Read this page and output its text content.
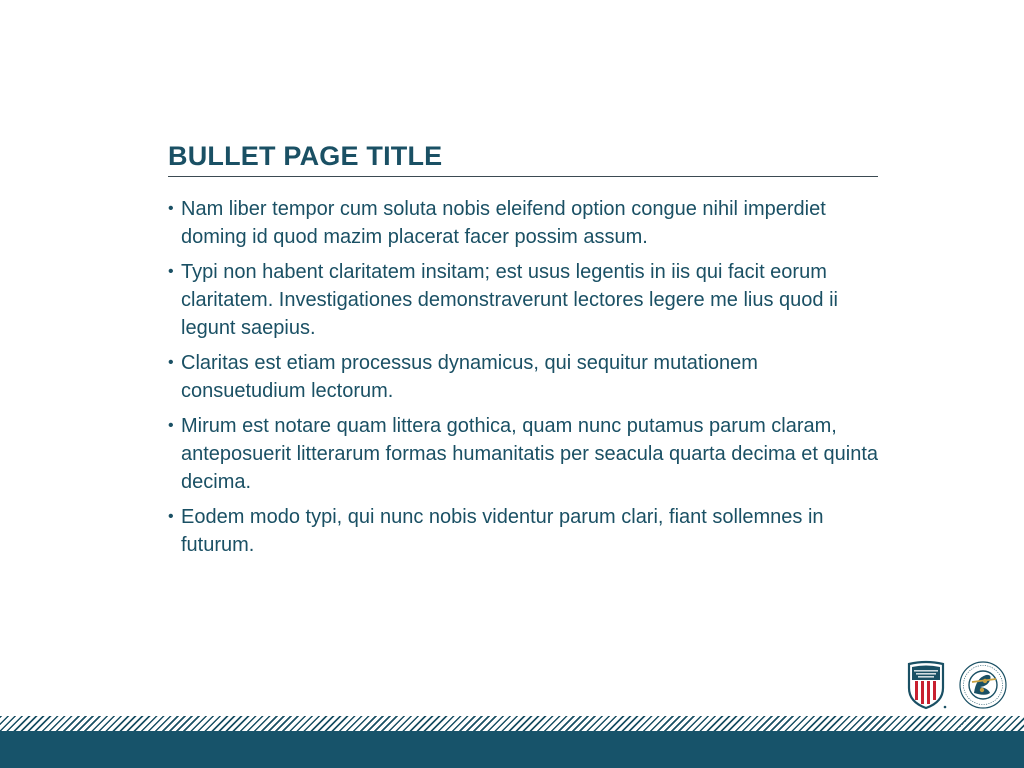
BULLET PAGE TITLE
• Nam liber tempor cum soluta nobis eleifend option congue nihil imperdiet doming id quod mazim placerat facer possim assum.
• Typi non habent claritatem insitam; est usus legentis in iis qui facit eorum claritatem. Investigationes demonstraverunt lectores legere me lius quod ii legunt saepius.
• Claritas est etiam processus dynamicus, qui sequitur mutationem consuetudium lectorum.
• Mirum est notare quam littera gothica, quam nunc putamus parum claram, anteposuerit litterarum formas humanitatis per seacula quarta decima et quinta decima.
• Eodem modo typi, qui nunc nobis videntur parum clari, fiant sollemnes in futurum.
